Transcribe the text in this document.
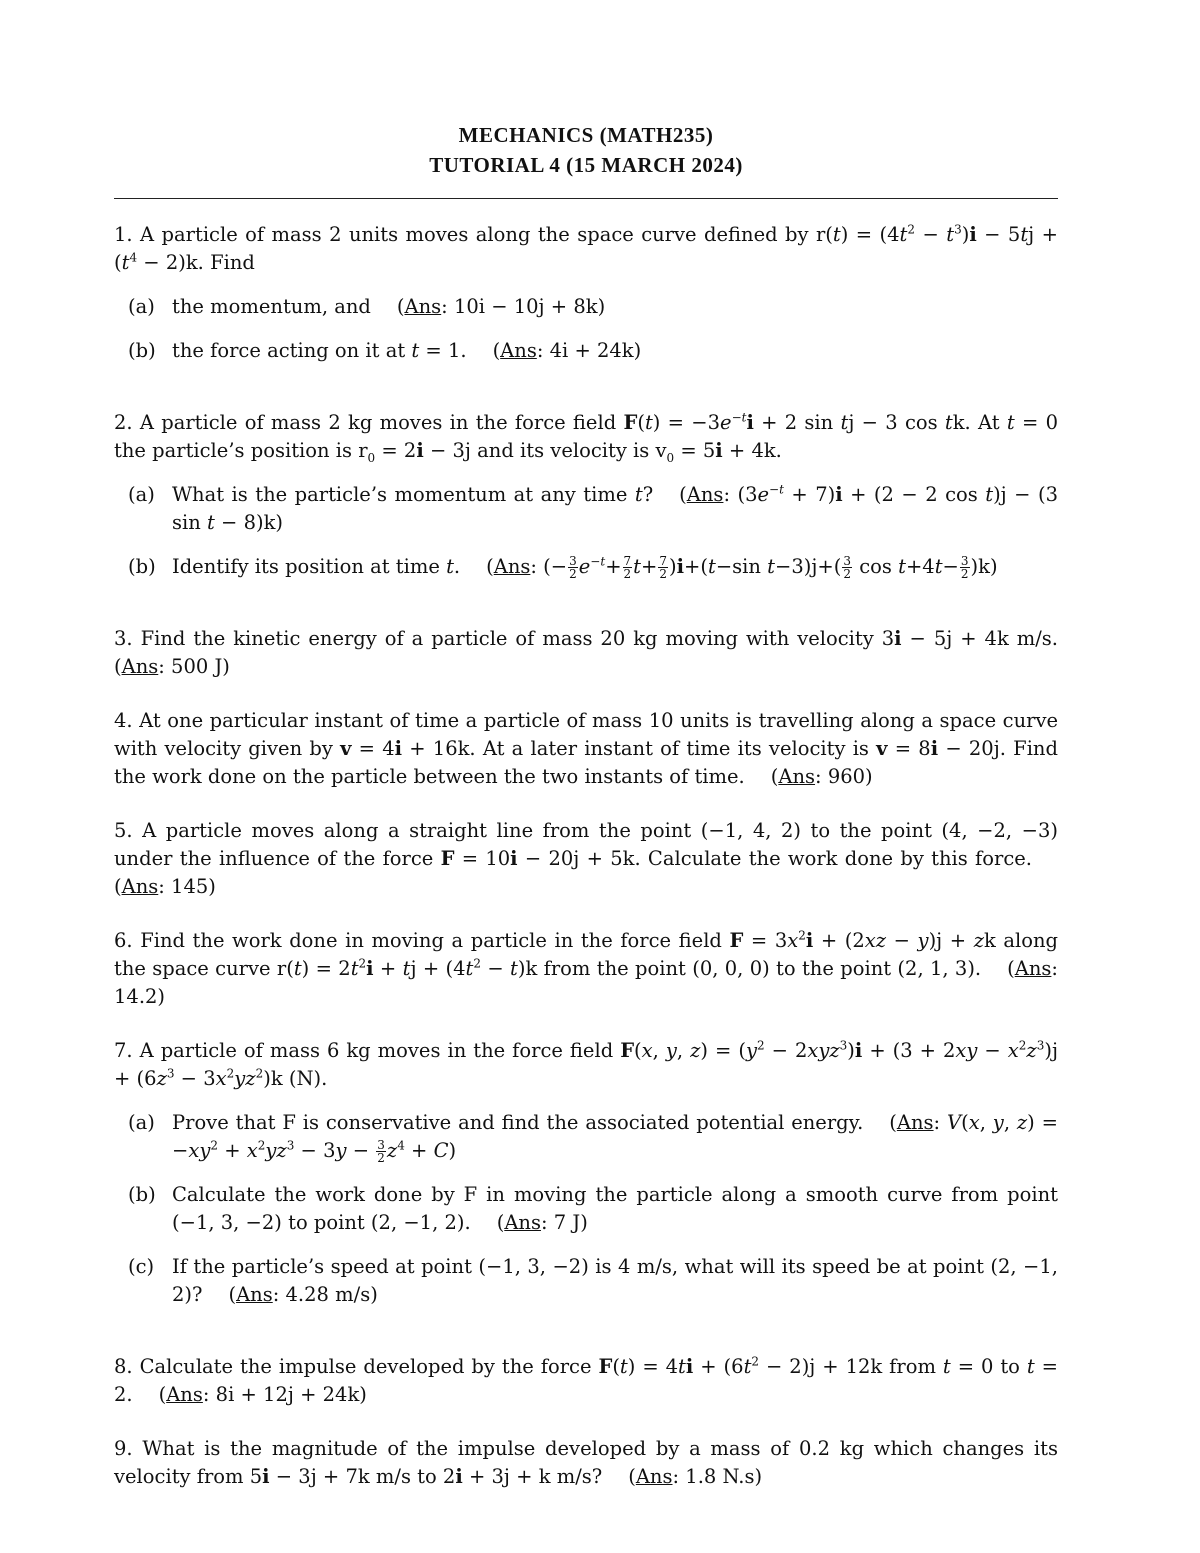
MECHANICS (MATH235)
TUTORIAL 4 (15 MARCH 2024)

1. A particle of mass 2 units moves along the space curve defined by $r(t) = (4t^2 - t^3)i - 5tj + (t^4 - 2)k$. Find

(a) the momentum, and (Ans: 10i − 10j + 8k)
(b) the force acting on it at t = 1. (Ans: 4i + 24k)

2. A particle of mass 2 kg moves in the force field $F(t) = -3e^{-t}i + 2$ sin tj − 3 cos tk. At t = 0 the particle’s position is $r_0 = 2i - 3j$ and its velocity is $v_0 = 5i + 4k$.

(a) What is the particle’s momentum at any time t? (Ans: $(3e^{-t} + 7)i + (2 - 2$ cos t)j − (3 sin t − 8)k)
(b) Identify its position at time t. (Ans: (− $\frac{3}{2} e^{-t}+ \frac{7}{2} t+ \frac{7}{2} )i+(t-\sin$ $t-3)j+( \frac{3}{2}$ $\cos t+4t- \frac{3}{2} )k$)

3. Find the kinetic energy of a particle of mass 20 kg moving with velocity 3i − 5j + 4k m/s. (Ans: 500 J)

4. At one particular instant of time a particle of mass 10 units is travelling along a space curve with velocity given by v = 4i + 16k. At a later instant of time its velocity is v = 8i − 20j. Find the work done on the particle between the two instants of time. (Ans: 960)

5. A particle moves along a straight line from the point (−1, 4, 2) to the point (4, −2, −3) under the influence of the force F = 10i − 20j + 5k. Calculate the work done by this force.(Ans: 145)

6. Find the work done in moving a particle in the force field $F = 3x^2i + (2xz - y)j$ + zk along the space curve $r(t) = 2t^2i$ + tj + $(4t^2 - t)k$ from the point (0, 0, 0) to the point (2, 1, 3). (Ans: 14.2)

7. A particle of mass 6 kg moves in the force field F(x, y, $z) = (y^2 - 2xyz^3)i + (3 + 2xy - x^2z^3)j + (6z^3 - 3x^2yz^2)k$ (N).

(a) Prove that F is conservative and find the associated potential energy. (Ans: V(x, y, $z) = -xy^2 + x^2yz^3 - 3y - \frac{3}{2} z^4 + C$)
(b) Calculate the work done by F in moving the particle along a smooth curve from point (−1, 3, −2) to point (2, −1, 2). (Ans: 7 J)
(c) If the particle’s speed at point (−1, 3, −2) is 4 m/s, what will its speed be at point (2, −1, 2)? (Ans: 4.28 m/s)

8. Calculate the impulse developed by the force $F(t) = 4ti + (6t^2 - 2)j + 12k$ from t = 0 to t = 2. (Ans: 8i + 12j + 24k)

9. What is the magnitude of the impulse developed by a mass of 0.2 kg which changes its velocity from 5i − 3j + 7k m/s to 2i + 3j + k m/s? (Ans: 1.8 N.s)
